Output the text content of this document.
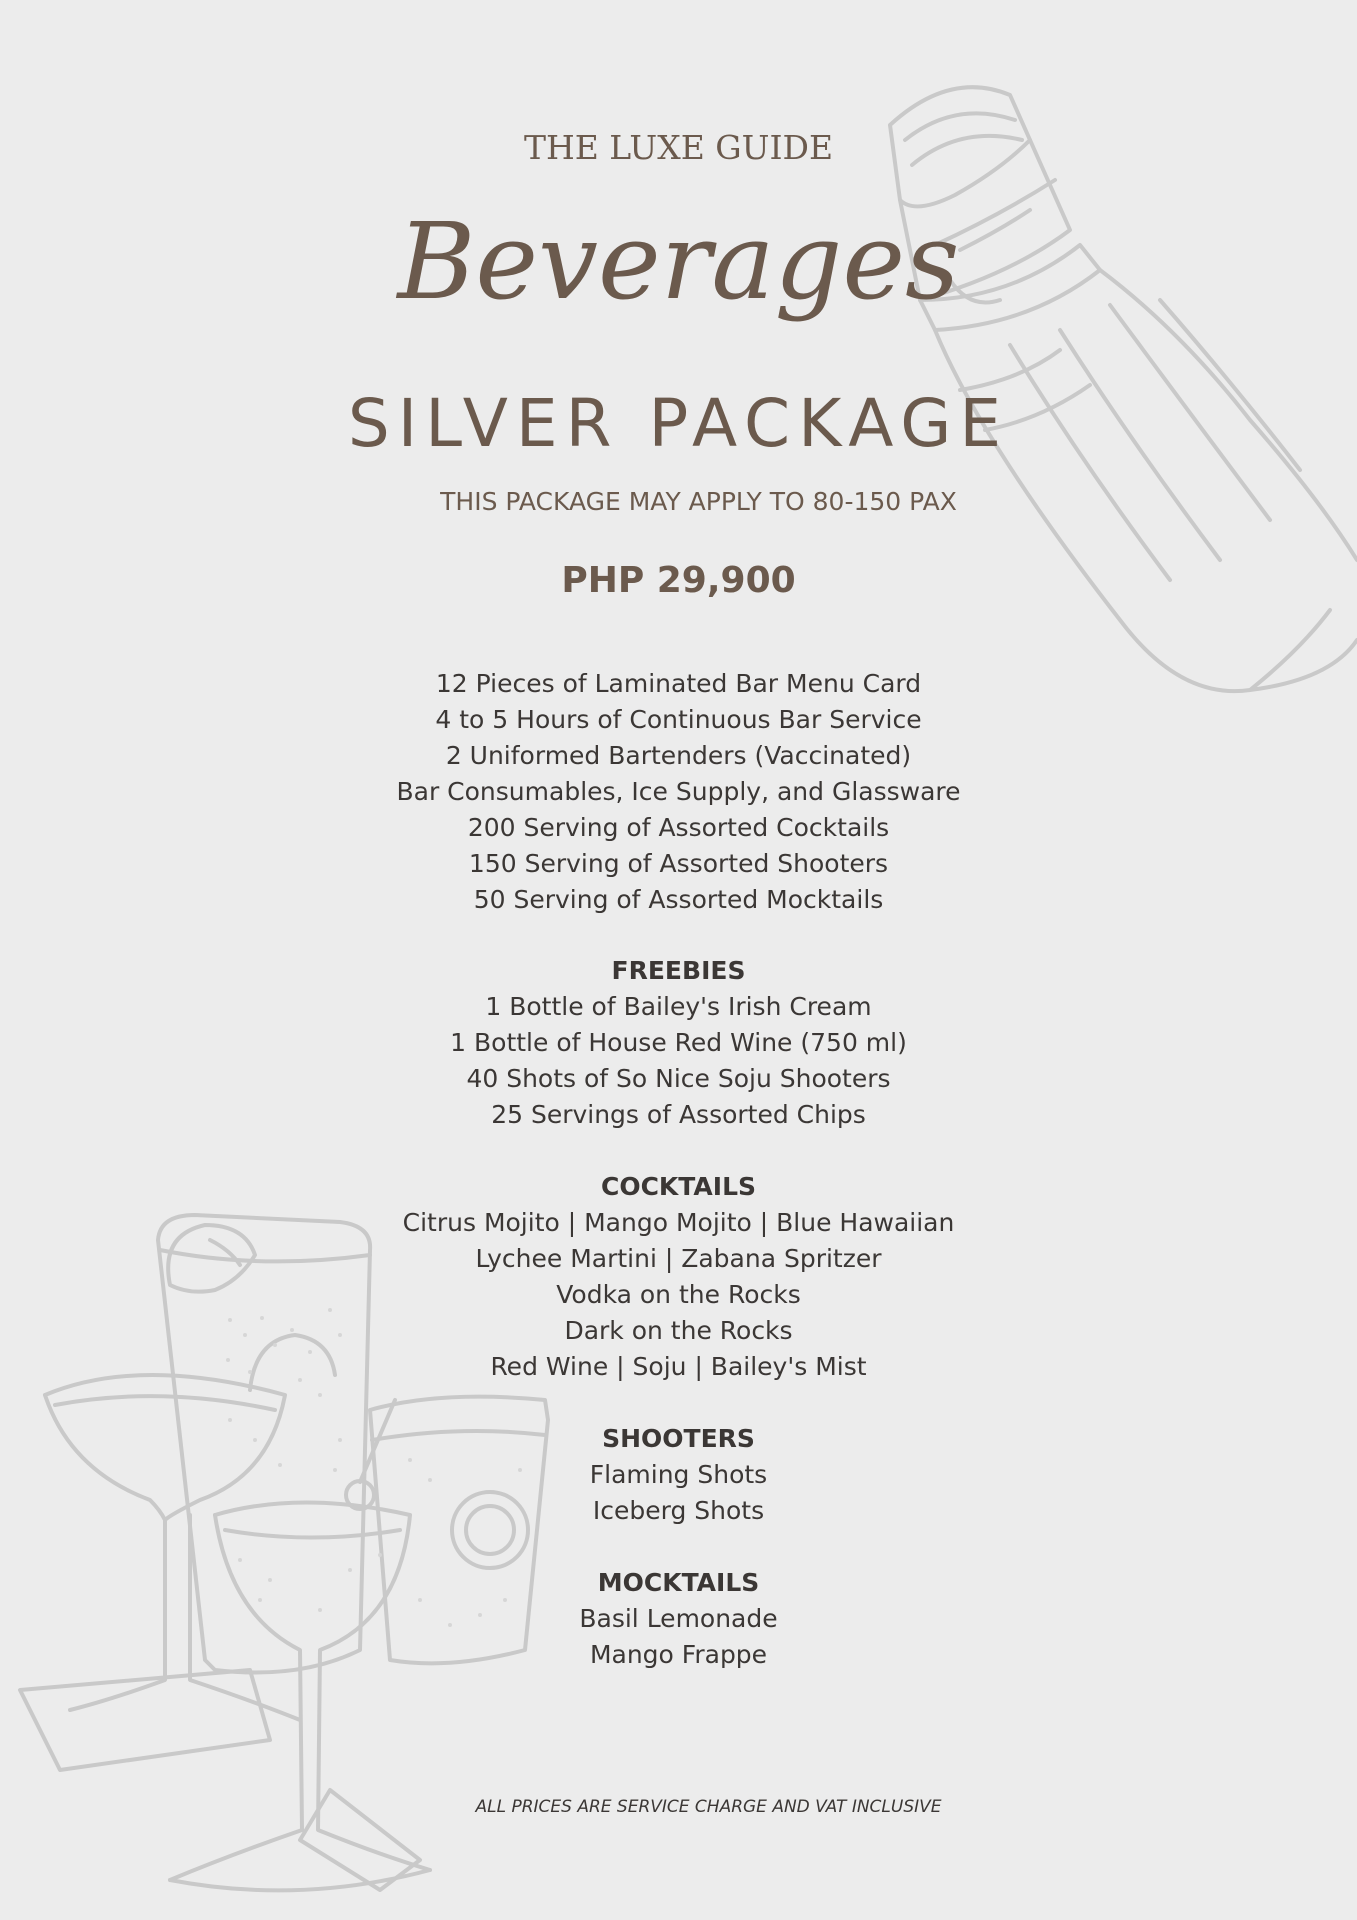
THE LUXE GUIDE
Beverages
SILVER PACKAGE
THIS PACKAGE MAY APPLY TO 80-150 PAX
PHP 29,900
12 Pieces of Laminated Bar Menu Card
4 to 5 Hours of Continuous Bar Service
2 Uniformed Bartenders (Vaccinated)
Bar Consumables, Ice Supply, and Glassware
200 Serving of Assorted Cocktails
150 Serving of Assorted Shooters
50 Serving of Assorted Mocktails
FREEBIES
1 Bottle of Bailey's Irish Cream
1 Bottle of House Red Wine (750 ml)
40 Shots of So Nice Soju Shooters
25 Servings of Assorted Chips
COCKTAILS
Citrus Mojito | Mango Mojito | Blue Hawaiian
Lychee Martini | Zabana Spritzer
Vodka on the Rocks
Dark on the Rocks
Red Wine | Soju | Bailey's Mist
SHOOTERS
Flaming Shots
Iceberg Shots
MOCKTAILS
Basil Lemonade
Mango Frappe
ALL PRICES ARE SERVICE CHARGE AND VAT INCLUSIVE
